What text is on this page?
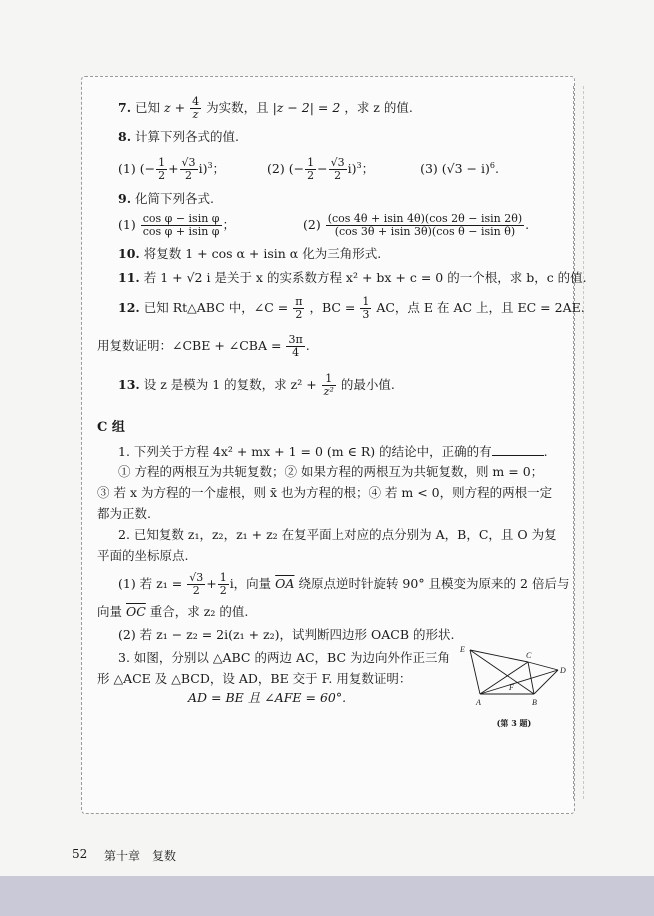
7. 已知 $z + \frac{4}{z}$ 为实数，且 |z − 2| = 2 ，求 z 的值.
8. 计算下列各式的值.
(1) (− $\frac{1}{2} + \frac{√3}{2} i)^3$；	(2) (− $\frac{1}{2} - \frac{√3}{2} i)^3$；	(3) $(√3 - i)^6$.
9. 化简下列各式.
$(1) \frac{\text{cos φ − isin φ}}{\text{cos φ + isin φ}}$ ；	$(2) \frac{(\cos 4\theta + isin 4\theta)(\cos 2\theta - isin 2\theta)}{\text{(cos 3θ + isin 3θ)(cos θ − isin θ)}}$ .
10. 将复数 1 + cos α + isin α 化为三角形式.
11. 若 1 + √2 i 是关于 x 的实系数方程 x² + bx + c = 0 的一个根，求 b，c 的值.
12. 已知 Rt△ABC 中，∠C = $\frac{\pi}{2}$ ，BC = $\frac{1}{3}$ AC，点 E 在 AC 上，且 EC = 2AE.
用复数证明：∠CBE + ∠CBA = $\frac{3\pi}{4}$ .
13. 设 z 是模为 1 的复数，求 $z^2 + \frac{1}{\text{z²}}$ 的最小值.
C 组
1. 下列关于方程 4x² + mx + 1 = 0 (m ∈ R) 的结论中，正确的有	.
① 方程的两根互为共轭复数；② 如果方程的两根互为共轭复数，则 m = 0；
③ 若 x 为方程的一个虚根，则 x̄ 也为方程的根；④ 若 m < 0，则方程的两根一定
都为正数.
2. 已知复数 z₁，z₂，z₁ + z₂ 在复平面上对应的点分别为 A，B，C，且 O 为复
平面的坐标原点.
(1) 若 $z_1 = \frac{√3}{2} + \frac{1}{2}$ i，向量 $\overline{OA}$ 绕原点逆时针旋转 90° 且模变为原来的 2 倍后与
向量 $\overline{OC}$ 重合，求 z₂ 的值.
(2) 若 z₁ − z₂ = 2i(z₁ + z₂)，试判断四边形 OACB 的形状.
3. 如图，分别以 △ABC 的两边 AC，BC 为边向外作正三角
形 △ACE 及 △BCD，设 AD，BE 交于 F. 用复数证明：
AD = BE 且 ∠AFE = 60°.
E
C
D
F
A	B
(第 3 题)
52 第十章　复数
